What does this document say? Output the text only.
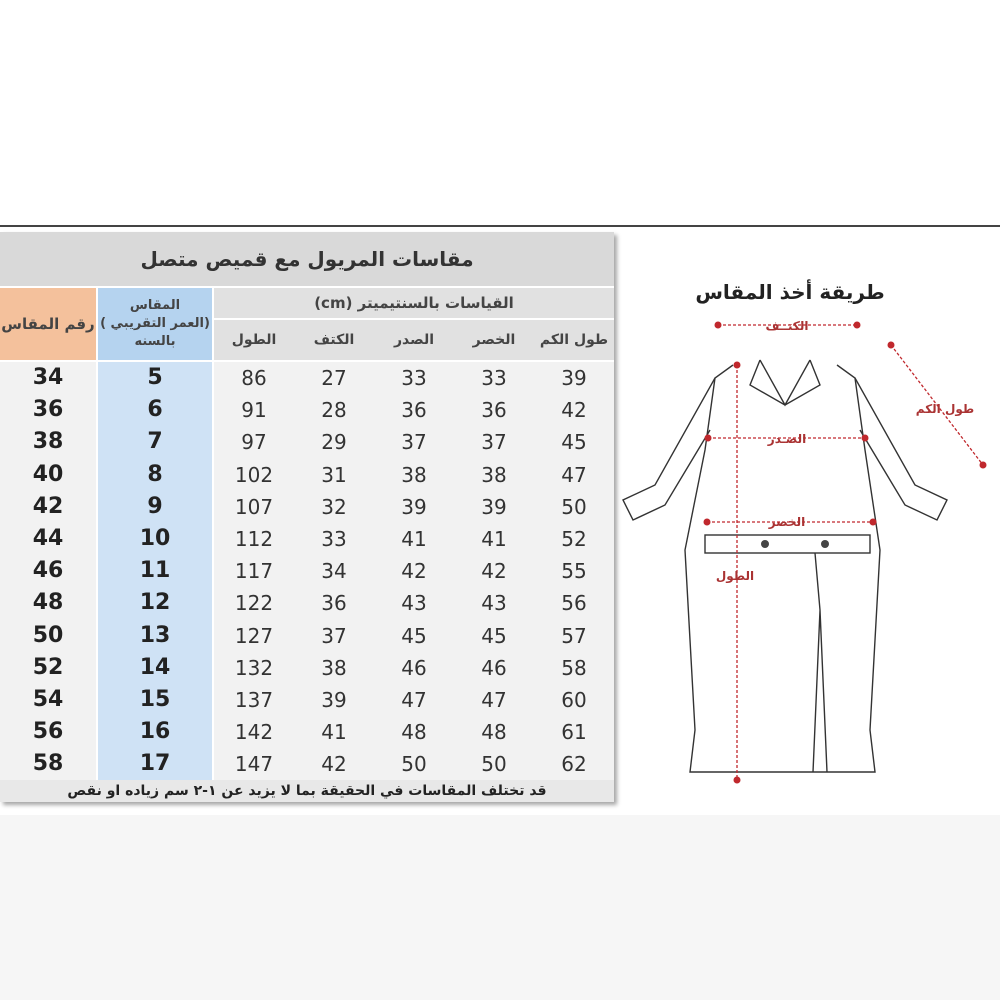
مقاسات المريول مع قميص متصل
رقم المقاس
المقاس
(العمر التقريبي )
بالسنه
القياسات بالسنتيميتر (cm)
الطول	الكتف	الصدر	الخصر	طول الكم
34	5	86	27	33	33	39
36	6	91	28	36	36	42
38	7	97	29	37	37	45
40	8	102	31	38	38	47
42	9	107	32	39	39	50
44	10	112	33	41	41	52
46	11	117	34	42	42	55
48	12	122	36	43	43	56
50	13	127	37	45	45	57
52	14	132	38	46	46	58
54	15	137	39	47	47	60
56	16	142	41	48	48	61
58	17	147	42	50	50	62
قد تختلف المقاسات في الحقيقة بما لا يزيد عن ١-٢ سم زياده او نقص
طريقة أخذ المقاس
الكتــف
الصـدر
الخصر
الطول
طول الكم
